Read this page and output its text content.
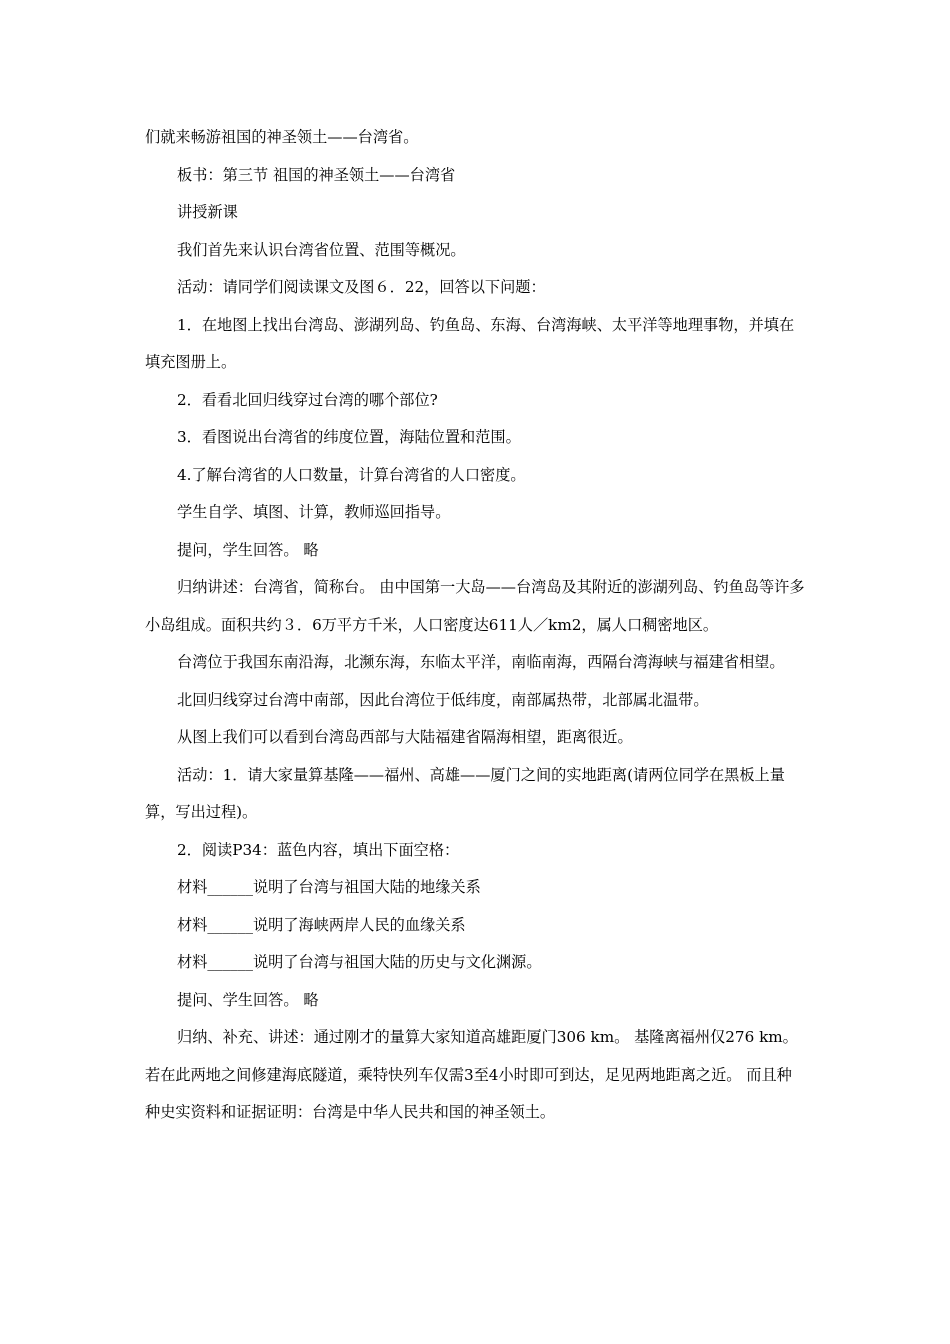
们就来畅游祖国的神圣领土——台湾省。

板书：第三节 祖国的神圣领土——台湾省

讲授新课

我们首先来认识台湾省位置、范围等概况。

活动：请同学们阅读课文及图６．22，回答以下问题：

1．在地图上找出台湾岛、澎湖列岛、钓鱼岛、东海、台湾海峡、太平洋等地理事物，并填在填充图册上。

2．看看北回归线穿过台湾的哪个部位?

3．看图说出台湾省的纬度位置，海陆位置和范围。

4.了解台湾省的人口数量，计算台湾省的人口密度。

学生自学、填图、计算，教师巡回指导。

提问，学生回答。 略

归纳讲述：台湾省，简称台。 由中国第一大岛——台湾岛及其附近的澎湖列岛、钓鱼岛等许多小岛组成。面积共约３．6万平方千米，人口密度达611人／km2，属人口稠密地区。

台湾位于我国东南沿海，北濒东海，东临太平洋，南临南海，西隔台湾海峡与福建省相望。

北回归线穿过台湾中南部，因此台湾位于低纬度，南部属热带，北部属北温带。

从图上我们可以看到台湾岛西部与大陆福建省隔海相望，距离很近。

活动：1．请大家量算基隆——福州、高雄——厦门之间的实地距离(请两位同学在黑板上量算，写出过程)。

2．阅读P34：蓝色内容，填出下面空格：

材料______说明了台湾与祖国大陆的地缘关系

材料______说明了海峡两岸人民的血缘关系

材料______说明了台湾与祖国大陆的历史与文化渊源。

提问、学生回答。 略

归纳、补充、讲述：通过刚才的量算大家知道高雄距厦门306 km。 基隆离福州仅276 km。 若在此两地之间修建海底隧道，乘特快列车仅需3至4小时即可到达，足见两地距离之近。 而且种种史实资料和证据证明：台湾是中华人民共和国的神圣领土。
